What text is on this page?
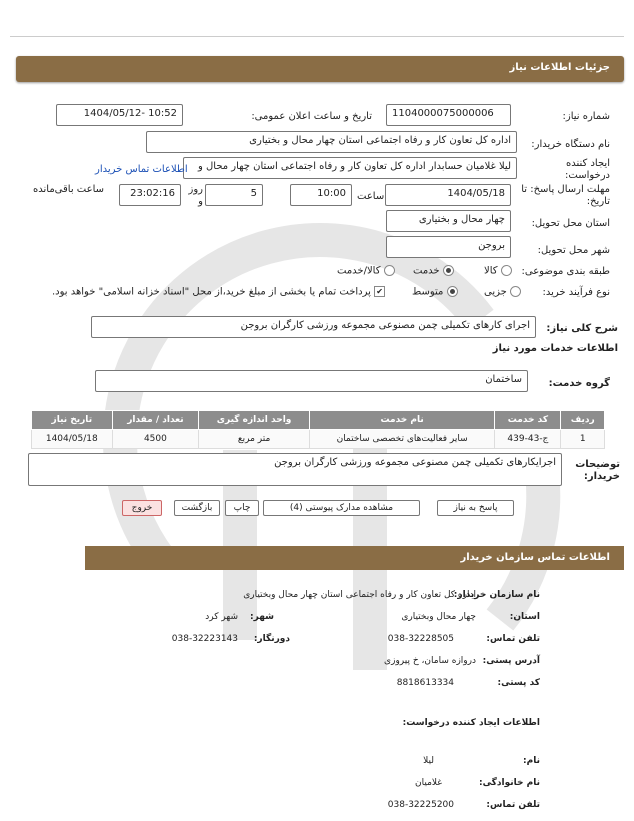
جزئیات اطلاعات نیاز
شماره نیاز:
1104000075000006
تاریخ و ساعت اعلان عمومی:
1404/05/12- 10:52
نام دستگاه خریدار:
اداره کل تعاون کار و رفاه اجتماعی استان چهار محال و بختیاری
ایجاد کننده درخواست:
لیلا غلامیان حسابدار اداره کل تعاون کار و رفاه اجتماعی استان چهار محال و
اطلاعات تماس خریدار
مهلت ارسال پاسخ: تا تاریخ:
1404/05/18
ساعت
10:00
5
روز و
23:02:16
ساعت باقی‌مانده
استان محل تحویل:
چهار محال و بختیاری
شهر محل تحویل:
بروجن
طبقه بندی موضوعی:
کالا
خدمت
کالا/خدمت
نوع فرآیند خرید:
جزیی
متوسط
✔ پرداخت تمام یا بخشی از مبلغ خرید،از محل "اسناد خزانه اسلامی" خواهد بود.
شرح کلی نیاز:
اجرای کارهای تکمیلی چمن مصنوعی مجموعه ورزشی کارگران بروجن
اطلاعات خدمات مورد نیاز
گروه خدمت:
ساختمان
ردیف	کد خدمت	نام خدمت	واحد اندازه گیری	تعداد / مقدار	تاریخ نیاز
1	ج-43-439	سایر فعالیت‌های تخصصی ساختمان	متر مربع	4500	1404/05/18
توضیحات خریدار:
اجرایکارهای تکمیلی چمن مصنوعی مجموعه ورزشی کارگران بروجن
پاسخ به نیاز
مشاهده مدارک پیوستی (4)
چاپ
بازگشت
خروج
اطلاعات تماس سازمان خریدار
نام سازمان خریدار:
اداره کل تعاون کار و رفاه اجتماعی استان چهار محال وبختیاری
استان:
چهار محال وبختیاری
شهر:
شهر کرد
تلفن تماس:
038-32228505
دورنگار:
038-32223143
آدرس پستی:
دروازه سامان، خ پیروزی
کد پستی:
8818613334
اطلاعات ایجاد کننده درخواست:
نام:
لیلا
نام خانوادگی:
غلامیان
تلفن تماس:
038-32225200
